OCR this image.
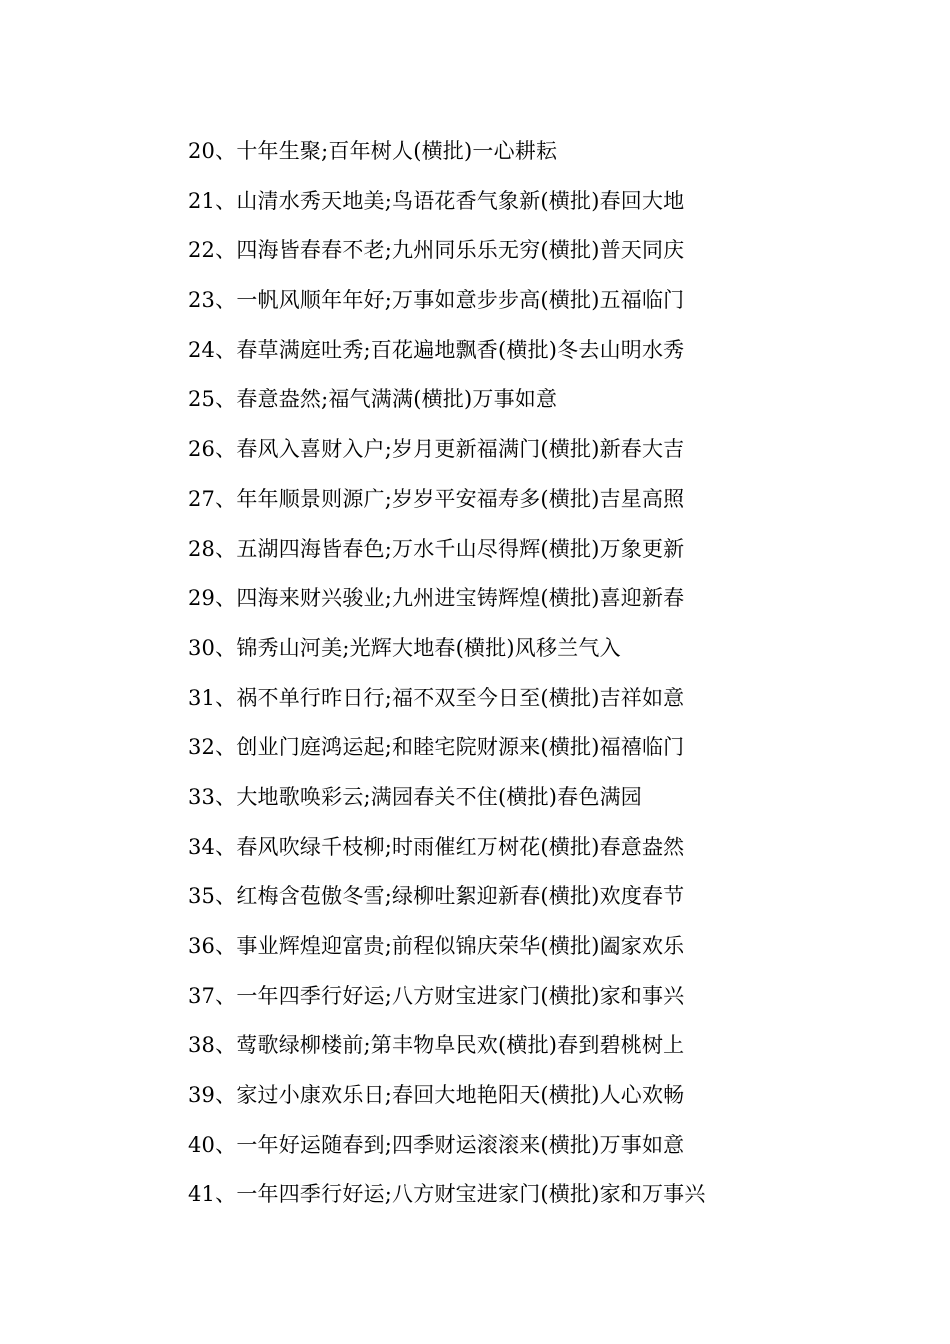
20、十年生聚;百年树人(横批)一心耕耘
21、山清水秀天地美;鸟语花香气象新(横批)春回大地
22、四海皆春春不老;九州同乐乐无穷(横批)普天同庆
23、一帆风顺年年好;万事如意步步高(横批)五福临门
24、春草满庭吐秀;百花遍地飘香(横批)冬去山明水秀
25、春意盎然;福气满满(横批)万事如意
26、春风入喜财入户;岁月更新福满门(横批)新春大吉
27、年年顺景则源广;岁岁平安福寿多(横批)吉星高照
28、五湖四海皆春色;万水千山尽得辉(横批)万象更新
29、四海来财兴骏业;九州进宝铸辉煌(横批)喜迎新春
30、锦秀山河美;光辉大地春(横批)风移兰气入
31、祸不单行昨日行;福不双至今日至(横批)吉祥如意
32、创业门庭鸿运起;和睦宅院财源来(横批)福禧临门
33、大地歌唤彩云;满园春关不住(横批)春色满园
34、春风吹绿千枝柳;时雨催红万树花(横批)春意盎然
35、红梅含苞傲冬雪;绿柳吐絮迎新春(横批)欢度春节
36、事业辉煌迎富贵;前程似锦庆荣华(横批)阖家欢乐
37、一年四季行好运;八方财宝进家门(横批)家和事兴
38、莺歌绿柳楼前;第丰物阜民欢(横批)春到碧桃树上
39、家过小康欢乐日;春回大地艳阳天(横批)人心欢畅
40、一年好运随春到;四季财运滚滚来(横批)万事如意
41、一年四季行好运;八方财宝进家门(横批)家和万事兴
